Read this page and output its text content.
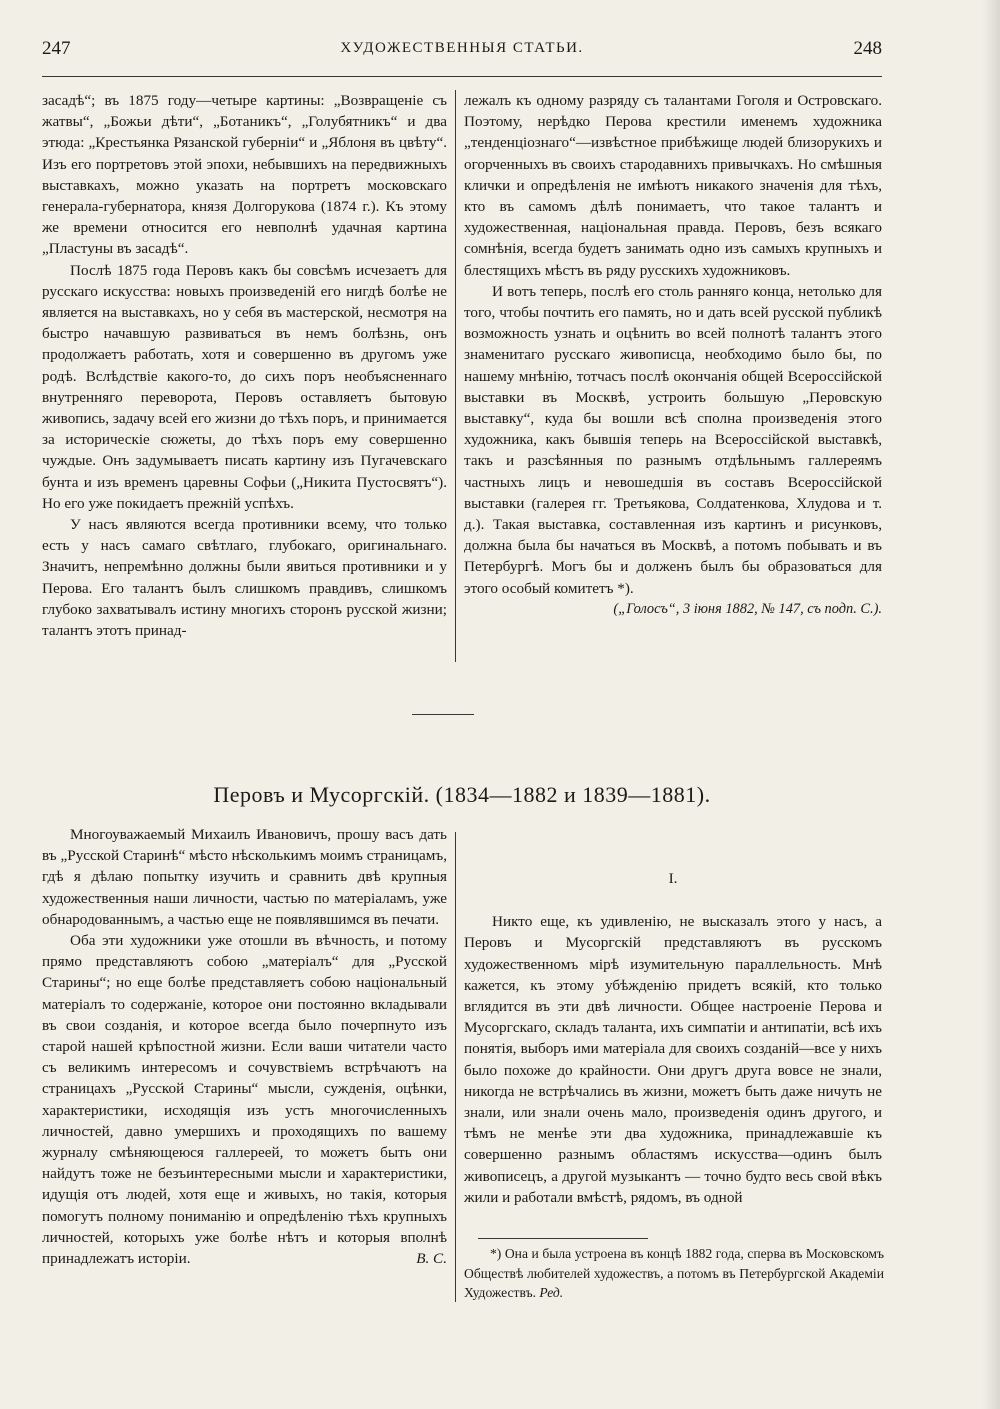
247	ХУДОЖЕСТВЕННЫЯ СТАТЬИ.	248

засадѣ“; въ 1875 году—четыре картины: „Возвращеніе съ жатвы“, „Божьи дѣти“, „Ботаникъ“, „Голубятникъ“ и два этюда: „Крестьянка Рязанской губерніи“ и „Яблоня въ цвѣту“. Изъ его портретовъ этой эпохи, небывшихъ на передвижныхъ выставкахъ, можно указать на портретъ московскаго генерала-губернатора, князя Долгорукова (1874 г.). Къ этому же времени относится его невполнѣ удачная картина „Пластуны въ засадѣ“.

Послѣ 1875 года Перовъ какъ бы совсѣмъ исчезаетъ для русскаго искусства: новыхъ произведеній его нигдѣ болѣе не является на выставкахъ, но у себя въ мастерской, несмотря на быстро начавшую развиваться въ немъ болѣзнь, онъ продолжаетъ работать, хотя и совершенно въ другомъ уже родѣ. Вслѣдствіе какого-то, до сихъ поръ необъясненнаго внутренняго переворота, Перовъ оставляетъ бытовую живопись, задачу всей его жизни до тѣхъ поръ, и принимается за историческіе сюжеты, до тѣхъ поръ ему совершенно чуждые. Онъ задумываетъ писать картину изъ Пугачевскаго бунта и изъ временъ царевны Софьи („Никита Пустосвятъ“). Но его уже покидаетъ прежній успѣхъ.

У насъ являются всегда противники всему, что только есть у насъ самаго свѣтлаго, глубокаго, оригинальнаго. Значитъ, непремѣнно должны были явиться противники и у Перова. Его талантъ былъ слишкомъ правдивъ, слишкомъ глубоко захватывалъ истину многихъ сторонъ русской жизни; талантъ этотъ принад-

лежалъ къ одному разряду съ талантами Гоголя и Островскаго. Поэтому, нерѣдко Перова крестили именемъ художника „тенденціознаго“—извѣстное прибѣжище людей близорукихъ и огорченныхъ въ своихъ стародавнихъ привычкахъ. Но смѣшныя клички и опредѣленія не имѣютъ никакого значенія для тѣхъ, кто въ самомъ дѣлѣ понимаетъ, что такое талантъ и художественная, національная правда. Перовъ, безъ всякаго сомнѣнія, всегда будетъ занимать одно изъ самыхъ крупныхъ и блестящихъ мѣстъ въ ряду русскихъ художниковъ.

И вотъ теперь, послѣ его столь ранняго конца, нетолько для того, чтобы почтить его память, но и дать всей русской публикѣ возможность узнать и оцѣнить во всей полнотѣ талантъ этого знаменитаго русскаго живописца, необходимо было бы, по нашему мнѣнію, тотчасъ послѣ окончанія общей Всероссійской выставки въ Москвѣ, устроить большую „Перовскую выставку“, куда бы вошли всѣ сполна произведенія этого художника, какъ бывшія теперь на Всероссійской выставкѣ, такъ и разсѣянныя по разнымъ отдѣльнымъ галлереямъ частныхъ лицъ и невошедшія въ составъ Всероссійской выставки (галерея гг. Третьякова, Солдатенкова, Хлудова и т. д.). Такая выставка, составленная изъ картинъ и рисунковъ, должна была бы начаться въ Москвѣ, а потомъ побывать и въ Петербургѣ. Могъ бы и долженъ былъ бы образоваться для этого особый комитетъ *).

(„Голосъ“, 3 іюня 1882, № 147, съ подп. С.).

Перовъ и Мусоргскій. (1834—1882 и 1839—1881).

Многоуважаемый Михаилъ Ивановичъ, прошу васъ дать въ „Русской Старинѣ“ мѣсто нѣсколькимъ моимъ страницамъ, гдѣ я дѣлаю попытку изучить и сравнить двѣ крупныя художественныя наши личности, частью по матеріаламъ, уже обнародованнымъ, а частью еще не появлявшимся въ печати.

Оба эти художники уже отошли въ вѣчность, и потому прямо представляютъ собою „матеріалъ“ для „Русской Старины“; но еще болѣе представляетъ собою національный матеріалъ то содержаніе, которое они постоянно вкладывали въ свои созданія, и которое всегда было почерпнуто изъ старой нашей крѣпостной жизни. Если ваши читатели часто съ великимъ интересомъ и сочувствіемъ встрѣчаютъ на страницахъ „Русской Старины“ мысли, сужденія, оцѣнки, характеристики, исходящія изъ устъ многочисленныхъ личностей, давно умершихъ и проходящихъ по вашему журналу смѣняющеюся галлереей, то можетъ быть они найдутъ тоже не безъинтересными мысли и характеристики, идущія отъ людей, хотя еще и живыхъ, но такія, которыя помогутъ полному пониманію и опредѣленію тѣхъ крупныхъ личностей, которыхъ уже болѣе нѣтъ и которыя вполнѣ принадлежатъ исторіи.	В. С.

I.

Никто еще, къ удивленію, не высказалъ этого у насъ, а Перовъ и Мусоргскій представляютъ въ русскомъ художественномъ мірѣ изумительную параллельность. Мнѣ кажется, къ этому убѣжденію придетъ всякій, кто только вглядится въ эти двѣ личности. Общее настроеніе Перова и Мусоргскаго, складъ таланта, ихъ симпатіи и антипатіи, всѣ ихъ понятія, выборъ ими матеріала для своихъ созданій—все у нихъ было похоже до крайности. Они другъ друга вовсе не знали, никогда не встрѣчались въ жизни, можетъ быть даже ничуть не знали, или знали очень мало, произведенія одинъ другого, и тѣмъ не менѣе эти два художника, принадлежавшіе къ совершенно разнымъ областямъ искусства—одинъ былъ живописецъ, а другой музыкантъ — точно будто весь свой вѣкъ жили и работали вмѣстѣ, рядомъ, въ одной

*) Она и была устроена въ концѣ 1882 года, сперва въ Московскомъ Обществѣ любителей художествъ, а потомъ въ Петербургской Академіи Художествъ. Ред.
